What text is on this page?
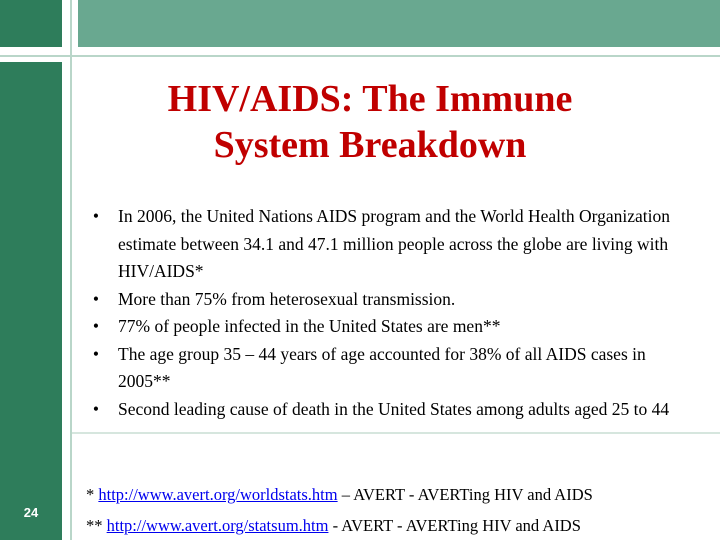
HIV/AIDS: The Immune
System Breakdown
•	In 2006, the United Nations AIDS program and the World Health Organization estimate between 34.1 and 47.1 million people across the globe are living with HIV/AIDS*
•	More than 75% from heterosexual transmission.
•	77% of people infected in the United States are men**
•	The age group 35 – 44 years of age accounted for 38% of all AIDS cases in 2005**
•	Second leading cause of death in the United States among adults aged 25 to 44
24
* http://www.avert.org/worldstats.htm – AVERT - AVERTing HIV and AIDS
** http://www.avert.org/statsum.htm - AVERT - AVERTing HIV and AIDS
